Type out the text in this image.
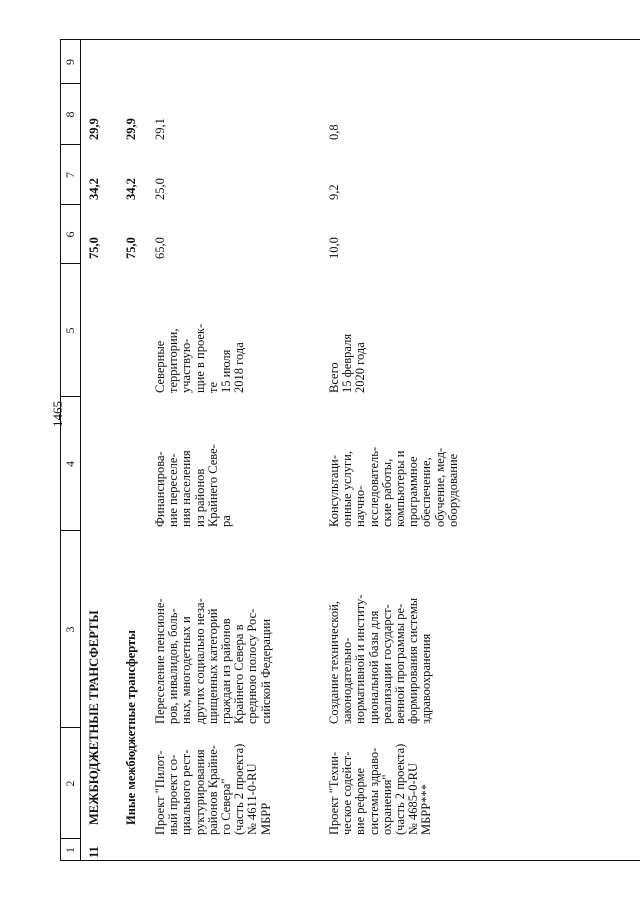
1465
1
2
3
4
5
6
7
8
9
11
МЕЖБЮДЖЕТНЫЕ ТРАНСФЕРТЫ
75,0
34,2
29,9
Иные межбюджетные трансферты
75,0
34,2
29,9
Проект "Пилот-
ный проект со-
циального рест-
руктурирования
районов Крайне-
го Севера"
(часть 2 проекта)
№ 4611-0-RU
МБРР
Переселение пенсионе-
ров, инвалидов, боль-
ных, многодетных и
других социально неза-
щищенных категорий
граждан из районов
Крайнего Севера в
среднюю полосу Рос-
сийской Федерации
Финансирова-
ние переселе-
ния населения
из районов
Крайнего Севе-
ра
Северные
территории,
участвую-
щие в проек-
те
15 июля
2018 года
65,0
25,0
29,1
Проект "Техни-
ческое содейст-
вие реформе
системы здраво-
охранения"
(часть 2 проекта)
№ 4685-0-RU
МБРР***
Создание технической,
законодательно-
нормативной и институ-
циональной базы для
реализации государст-
венной программы ре-
формирования системы
здравоохранения
Консультаци-
онные услуги,
научно-
исследователь-
ские работы,
компьютеры и
программное
обеспечение,
обучение, мед-
оборудование
Всего
15 февраля
2020 года
10,0
9,2
0,8
